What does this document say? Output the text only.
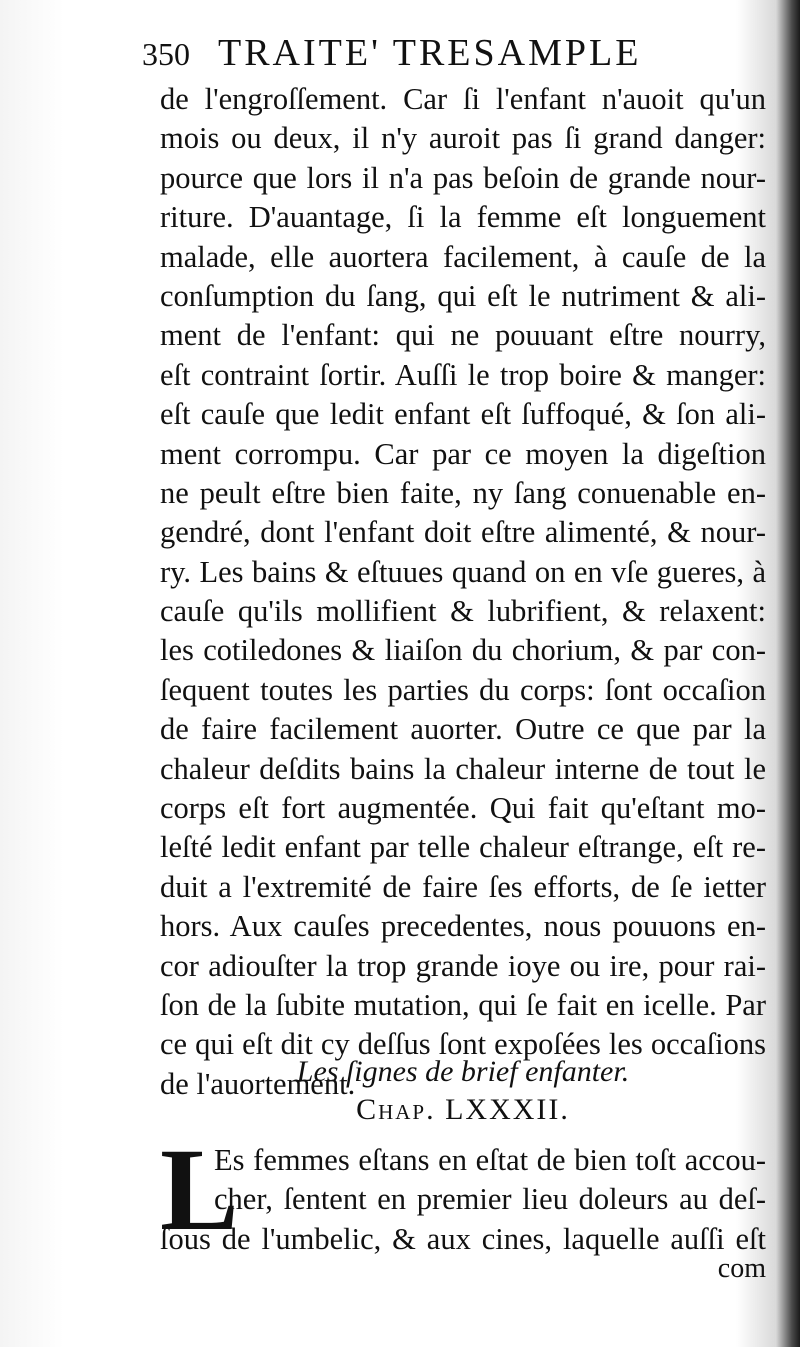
350 TRAITE' TRESAMPLE
de l'engroſſement. Car ſi l'enfant n'auoit qu'un
mois ou deux, il n'y auroit pas ſi grand danger:
pource que lors il n'a pas beſoin de grande nour-
riture. D'auantage, ſi la femme eſt longuement
malade, elle auortera facilement, à cauſe de la
conſumption du ſang, qui eſt le nutriment & ali-
ment de l'enfant: qui ne pouuant eſtre nourry,
eſt contraint ſortir. Auſſi le trop boire & manger:
eſt cauſe que ledit enfant eſt ſuffoqué, & ſon ali-
ment corrompu. Car par ce moyen la digeſtion
ne peult eſtre bien faite, ny ſang conuenable en-
gendré, dont l'enfant doit eſtre alimenté, & nour-
ry. Les bains & eſtuues quand on en vſe gueres, à
cauſe qu'ils mollifient & lubrifient, & relaxent:
les cotiledones & liaiſon du chorium, & par con-
ſequent toutes les parties du corps: ſont occaſion
de faire facilement auorter. Outre ce que par la
chaleur deſdits bains la chaleur interne de tout le
corps eſt fort augmentée. Qui fait qu'eſtant mo-
leſté ledit enfant par telle chaleur eſtrange, eſt re-
duit a l'extremité de faire ſes efforts, de ſe ietter
hors. Aux cauſes precedentes, nous pouuons en-
cor adiouſter la trop grande ioye ou ire, pour rai-
ſon de la ſubite mutation, qui ſe fait en icelle. Par
ce qui eſt dit cy deſſus ſont expoſées les occaſions
de l'auortement.
Les ſignes de brief enfanter.
Chap. LXXXII.
L
Es femmes eſtans en eſtat de bien toſt accou-
cher, ſentent en premier lieu doleurs au deſ-
ſous de l'umbelic, & aux cines, laquelle auſſi eſt
com
